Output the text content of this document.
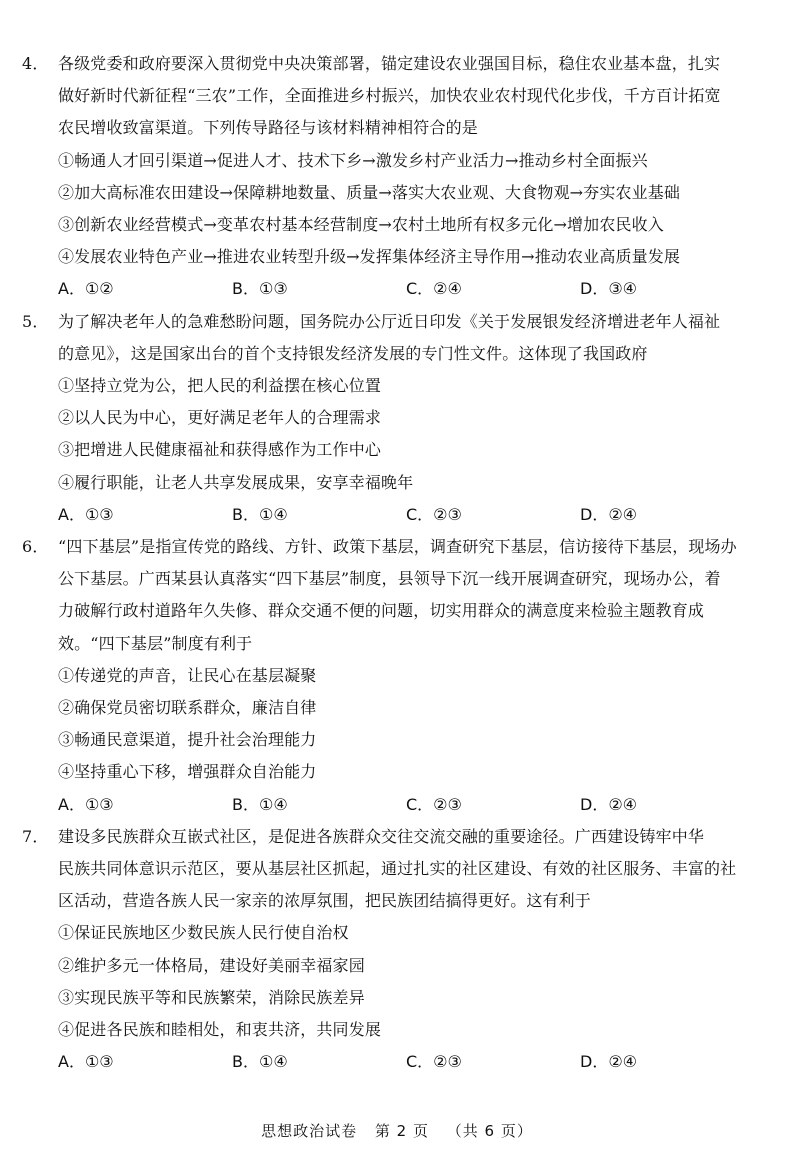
4． 各级党委和政府要深入贯彻党中央决策部署，锚定建设农业强国目标，稳住农业基本盘，扎实
做好新时代新征程“三农”工作，全面推进乡村振兴，加快农业农村现代化步伐，千方百计拓宽
农民增收致富渠道。下列传导路径与该材料精神相符合的是
①畅通人才回引渠道→促进人才、技术下乡→激发乡村产业活力→推动乡村全面振兴
②加大高标准农田建设→保障耕地数量、质量→落实大农业观、大食物观→夯实农业基础
③创新农业经营模式→变革农村基本经营制度→农村土地所有权多元化→增加农民收入
④发展农业特色产业→推进农业转型升级→发挥集体经济主导作用→推动农业高质量发展
A．①②	B．①③	C．②④	D．③④
5． 为了解决老年人的急难愁盼问题，国务院办公厅近日印发《关于发展银发经济增进老年人福祉
的意见》，这是国家出台的首个支持银发经济发展的专门性文件。这体现了我国政府
①坚持立党为公，把人民的利益摆在核心位置
②以人民为中心，更好满足老年人的合理需求
③把增进人民健康福祉和获得感作为工作中心
④履行职能，让老人共享发展成果，安享幸福晚年
A．①③	B．①④	C．②③	D．②④
6． “四下基层”是指宣传党的路线、方针、政策下基层，调查研究下基层，信访接待下基层，现场办
公下基层。广西某县认真落实“四下基层”制度，县领导下沉一线开展调查研究，现场办公，着
力破解行政村道路年久失修、群众交通不便的问题，切实用群众的满意度来检验主题教育成
效。“四下基层”制度有利于
①传递党的声音，让民心在基层凝聚
②确保党员密切联系群众，廉洁自律
③畅通民意渠道，提升社会治理能力
④坚持重心下移，增强群众自治能力
A．①③	B．①④	C．②③	D．②④
7． 建设多民族群众互嵌式社区，是促进各族群众交往交流交融的重要途径。广西建设铸牢中华
民族共同体意识示范区，要从基层社区抓起，通过扎实的社区建设、有效的社区服务、丰富的社
区活动，营造各族人民一家亲的浓厚氛围，把民族团结搞得更好。这有利于
①保证民族地区少数民族人民行使自治权
②维护多元一体格局，建设好美丽幸福家园
③实现民族平等和民族繁荣，消除民族差异
④促进各民族和睦相处，和衷共济，共同发展
A．①③	B．①④	C．②③	D．②④
思想政治试卷 第 2 页 （共 6 页）
